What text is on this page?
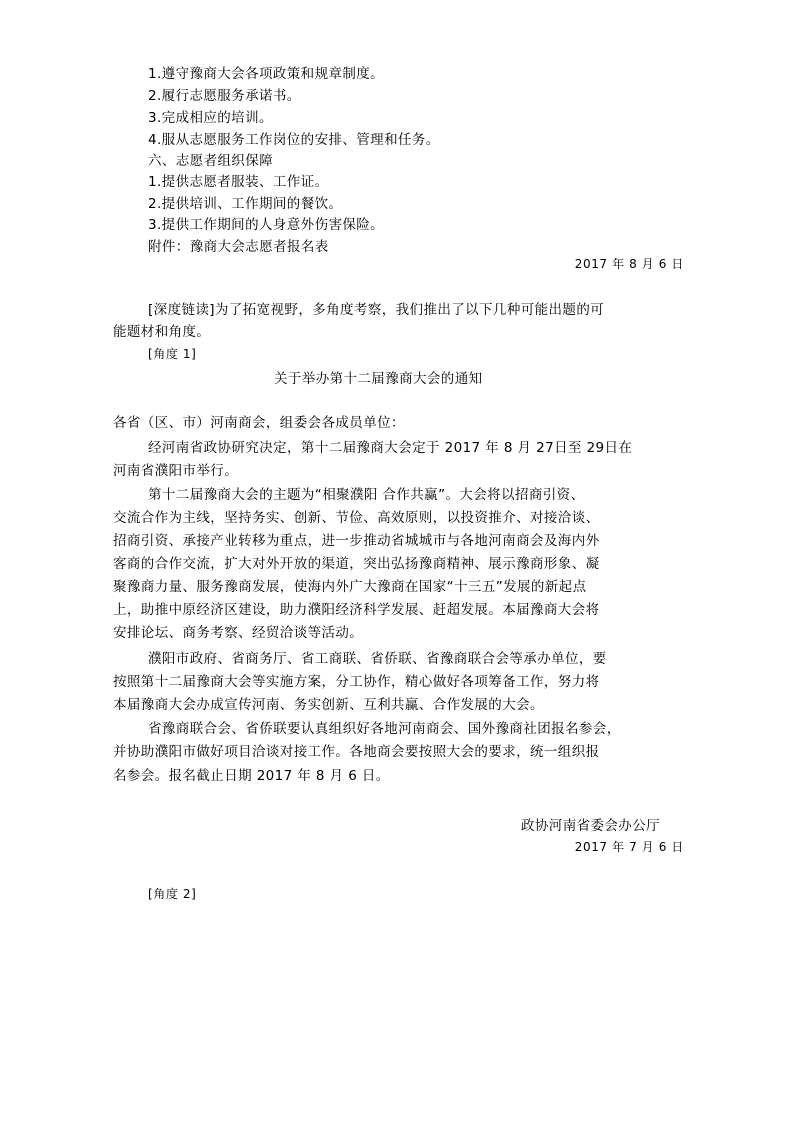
1.遵守豫商大会各项政策和规章制度。

2.履行志愿服务承诺书。

3.完成相应的培训。

4.服从志愿服务工作岗位的安排、管理和任务。

六、志愿者组织保障

1.提供志愿者服装、工作证。

2.提供培训、工作期间的餐饮。

3.提供工作期间的人身意外伤害保险。

附件：豫商大会志愿者报名表

2017 年 8 月 6 日

[深度链读]为了拓宽视野，多角度考察，我们推出了以下几种可能出题的可

能题材和角度。

[角度 1]

关于举办第十二届豫商大会的通知

各省（区、市）河南商会，组委会各成员单位：

经河南省政协研究决定，第十二届豫商大会定于 2017 年 8 月 27日至 29日在

河南省濮阳市举行。

第十二届豫商大会的主题为“相聚濮阳 合作共赢”。大会将以招商引资、

交流合作为主线，坚持务实、创新、节俭、高效原则，以投资推介、对接洽谈、

招商引资、承接产业转移为重点，进一步推动省城城市与各地河南商会及海内外

客商的合作交流，扩大对外开放的渠道，突出弘扬豫商精神、展示豫商形象、凝

聚豫商力量、服务豫商发展，使海内外广大豫商在国家“十三五”发展的新起点

上，助推中原经济区建设，助力濮阳经济科学发展、赶超发展。本届豫商大会将

安排论坛、商务考察、经贸洽谈等活动。

濮阳市政府、省商务厅、省工商联、省侨联、省豫商联合会等承办单位，要

按照第十二届豫商大会等实施方案，分工协作，精心做好各项筹备工作，努力将

本届豫商大会办成宣传河南、务实创新、互利共赢、合作发展的大会。

省豫商联合会、省侨联要认真组织好各地河南商会、国外豫商社团报名参会，

并协助濮阳市做好项目洽谈对接工作。各地商会要按照大会的要求，统一组织报

名参会。报名截止日期 2017 年 8 月 6 日。

政协河南省委会办公厅

2017 年 7 月 6 日

[角度 2]
